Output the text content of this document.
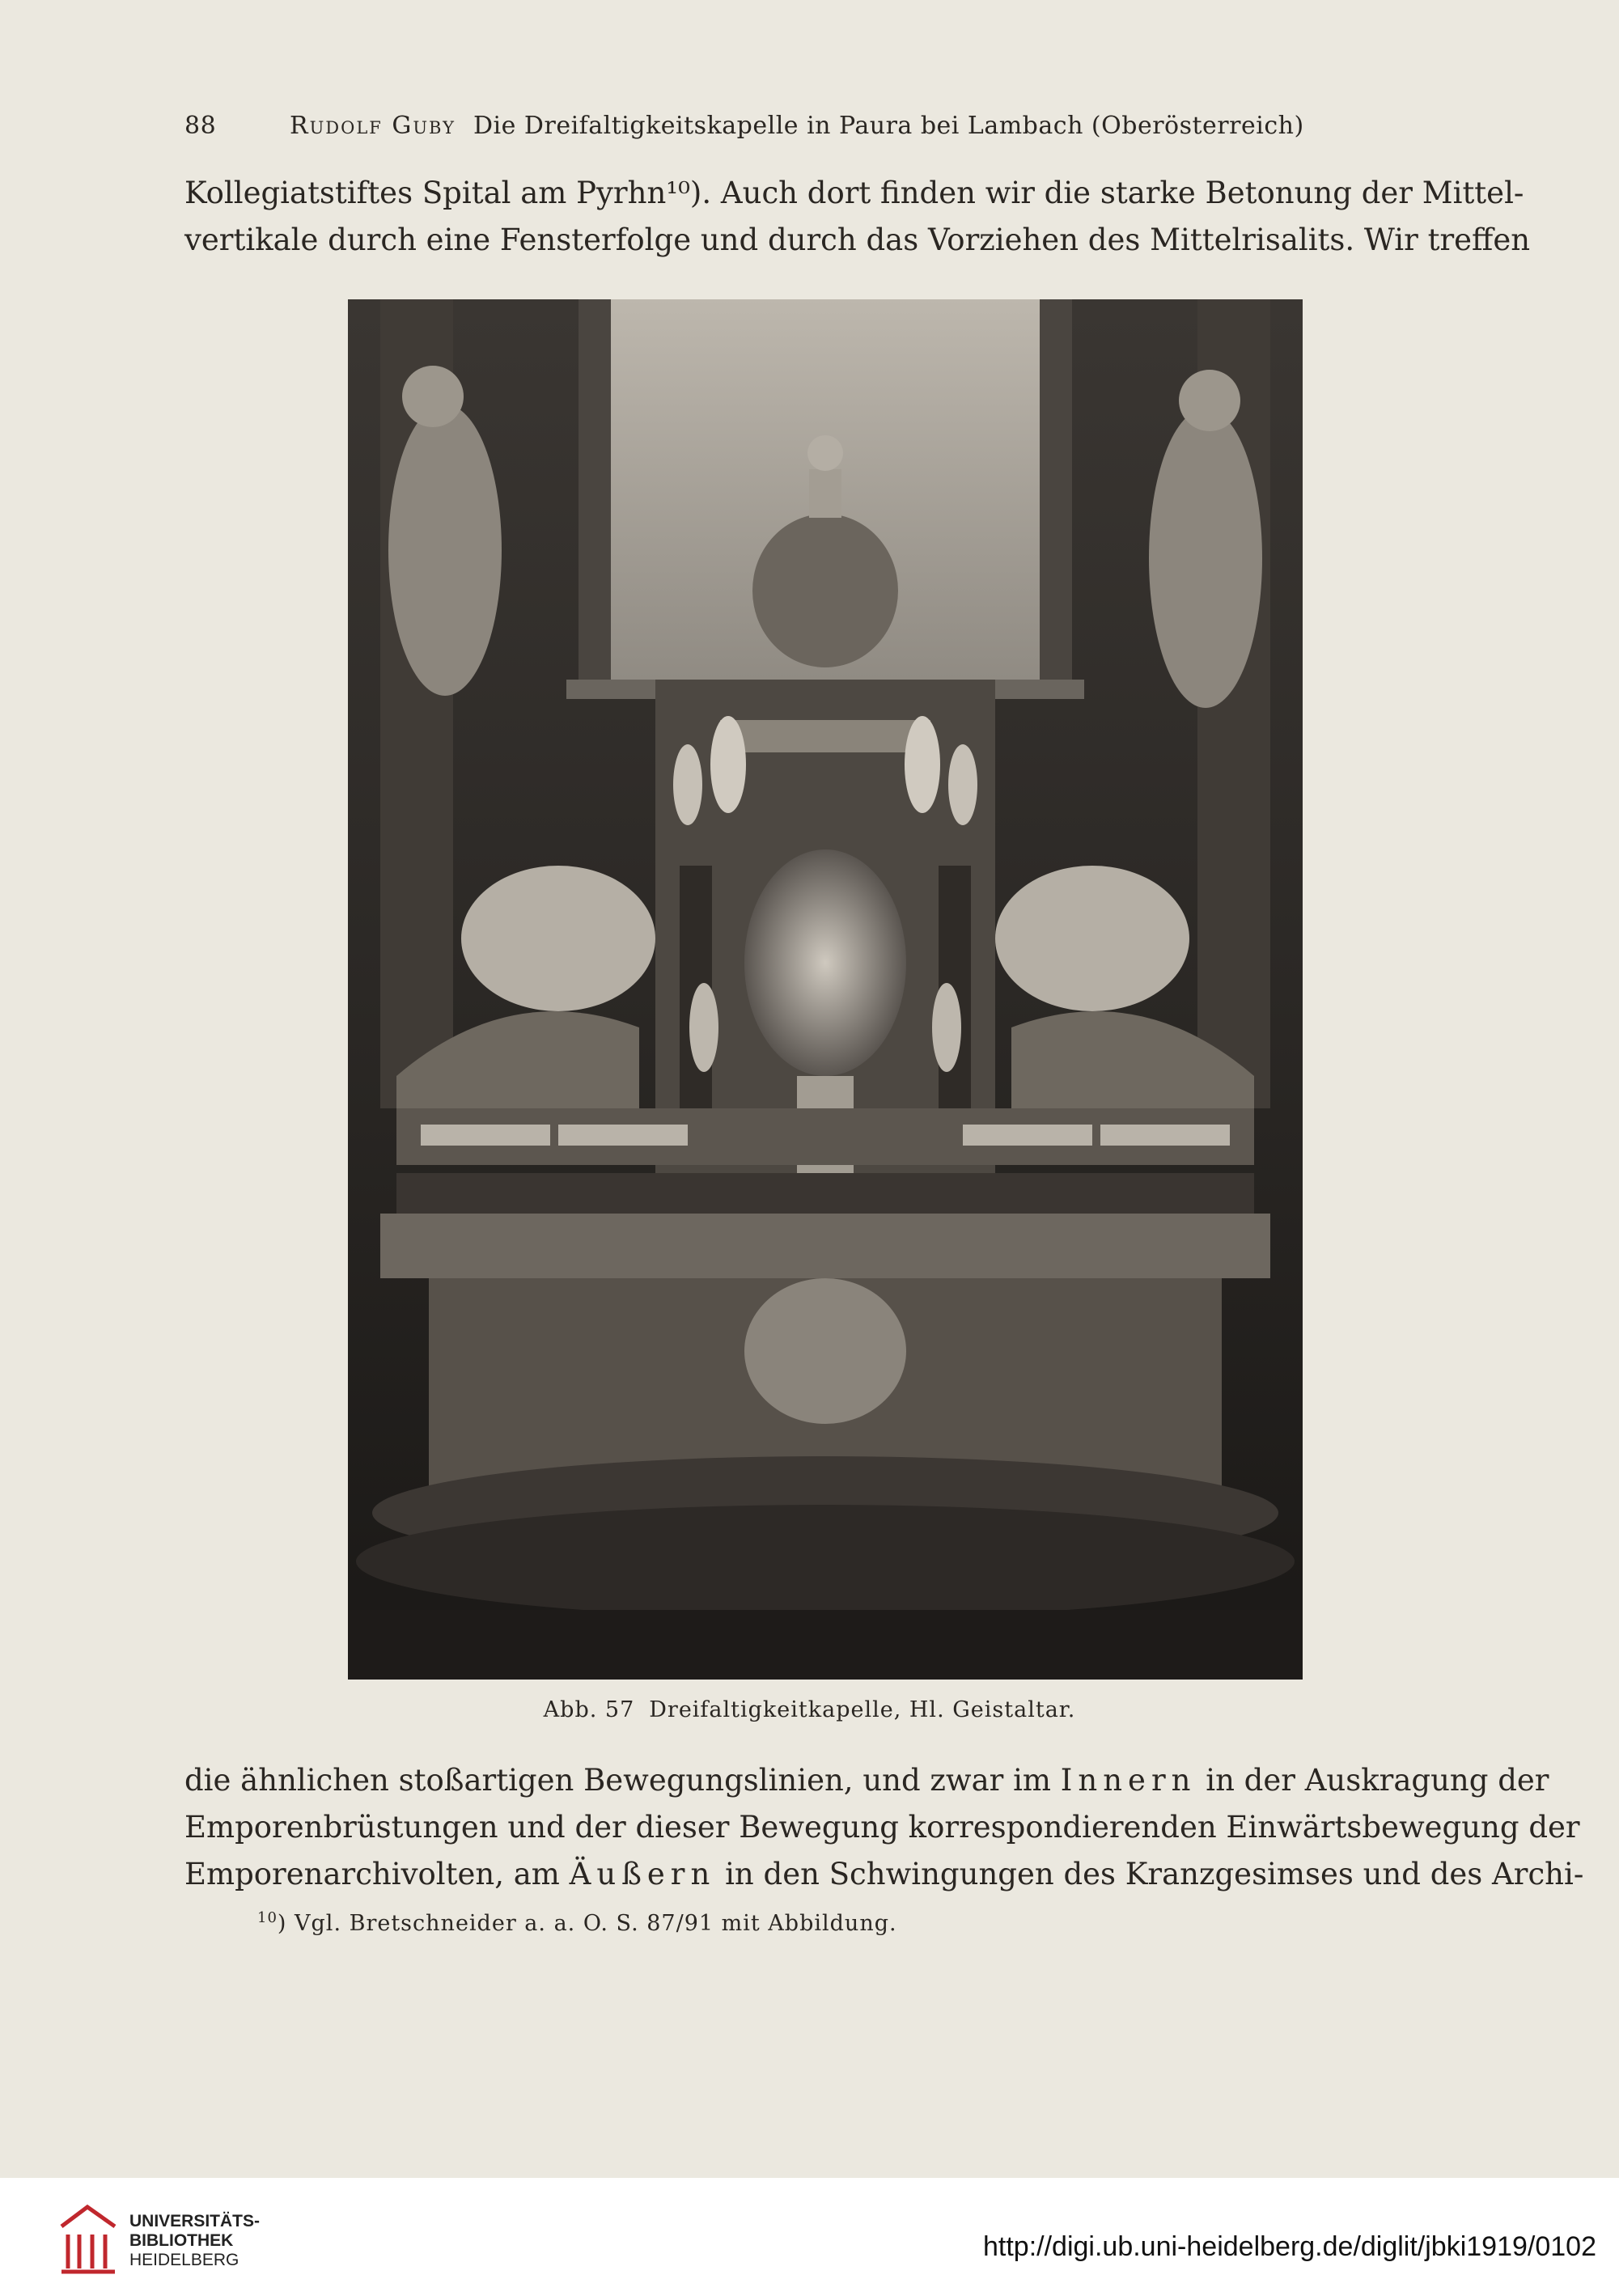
88	Rudolf Guby Die Dreifaltigkeitskapelle in Paura bei Lambach (Oberösterreich)
Kollegiatstiftes Spital am Pyrhn¹⁰). Auch dort finden wir die starke Betonung der Mittel-
vertikale durch eine Fensterfolge und durch das Vorziehen des Mittelrisalits. Wir treffen
Abb. 57 Dreifaltigkeitkapelle, Hl. Geistaltar.
die ähnlichen stoßartigen Bewegungslinien, und zwar im Innern in der Auskragung der
Emporenbrüstungen und der dieser Bewegung korrespondierenden Einwärtsbewegung der
Emporenarchivolten, am Äußern in den Schwingungen des Kranzgesimses und des Archi-
$^{10}$) Vgl. Bretschneider a. a. O. S. 87/91 mit Abbildung.
UNIVERSITÄTS-
BIBLIOTHEK
HEIDELBERG	http://digi.ub.uni-heidelberg.de/diglit/jbki1919/0102
